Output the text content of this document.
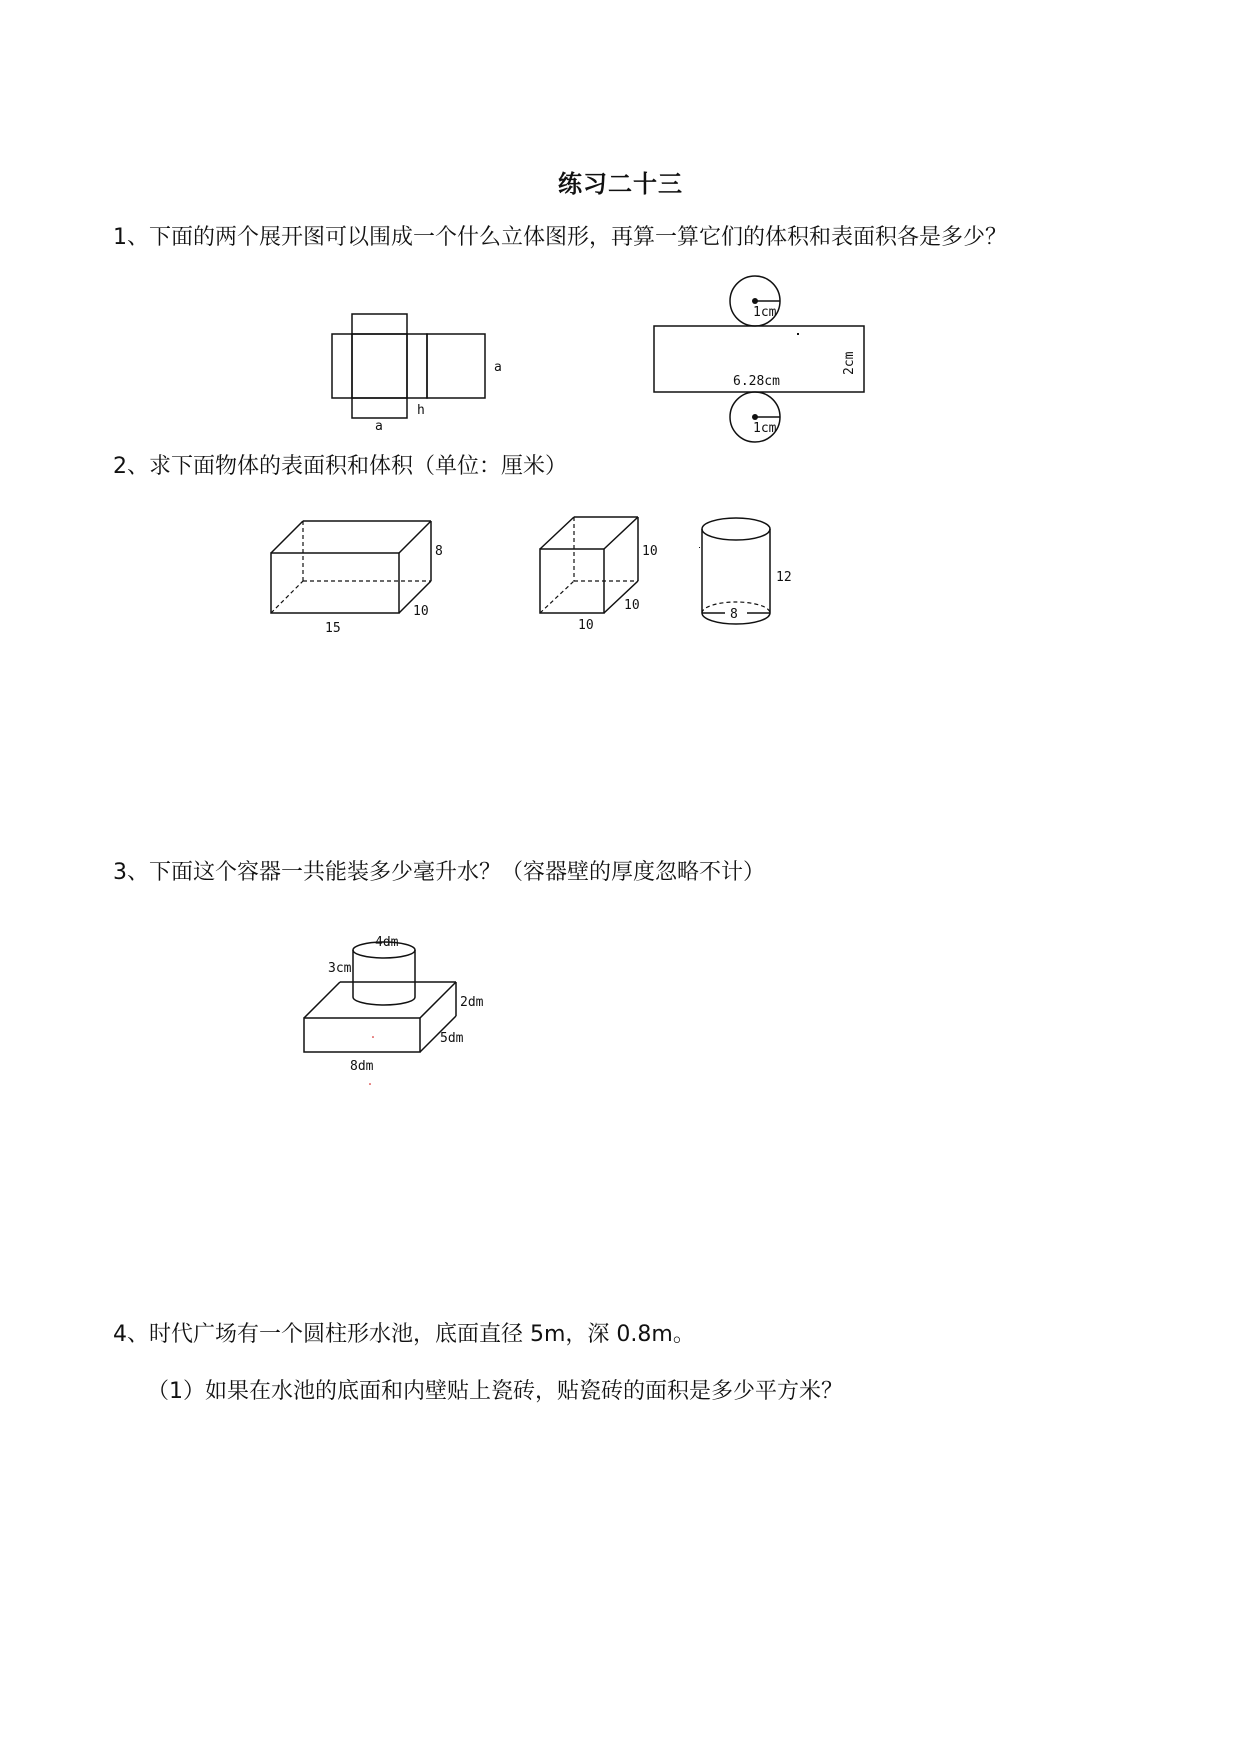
练习二十三
1、下面的两个展开图可以围成一个什么立体图形，再算一算它们的体积和表面积各是多少？
a
h
a
1cm
6.28cm
1cm
2cm
2、求下面物体的表面积和体积（单位：厘米）
10
8
15
10
10
10
8
12
3、下面这个容器一共能装多少毫升水？（容器壁的厚度忽略不计）
4dm
3cm
2dm
5dm
8dm
4、时代广场有一个圆柱形水池，底面直径 5m，深 0.8m。
（1）如果在水池的底面和内壁贴上瓷砖，贴瓷砖的面积是多少平方米？
